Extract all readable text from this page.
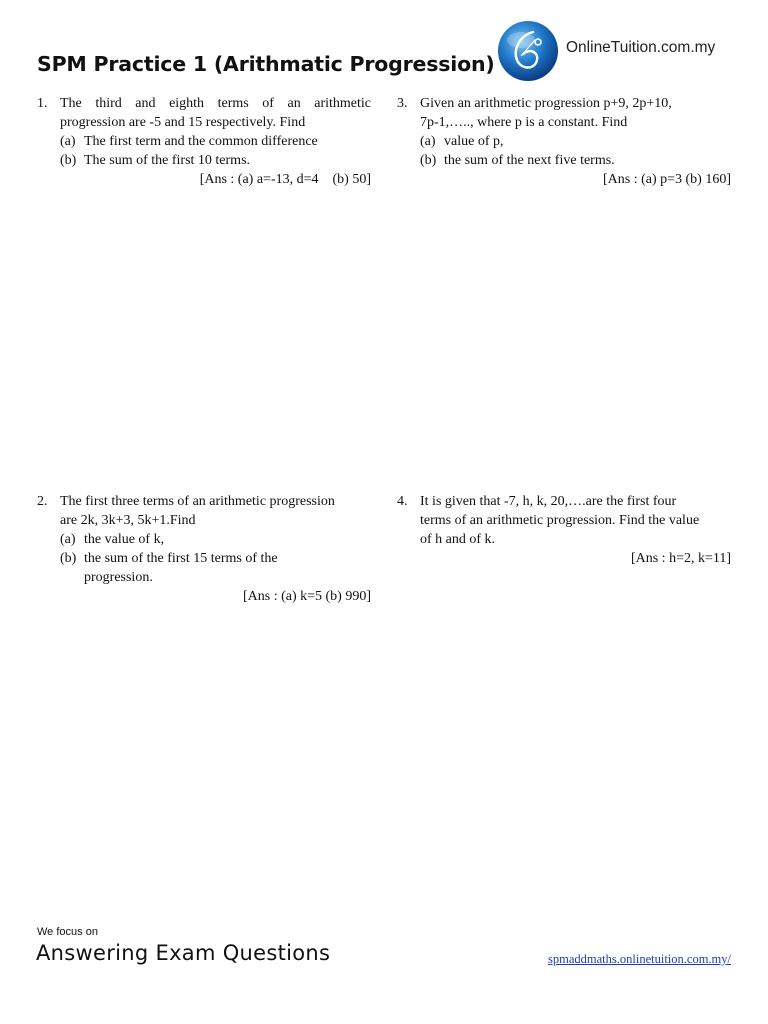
SPM Practice 1 (Arithmatic Progression)
OnlineTuition.com.my
1. The third and eighth terms of an arithmetic
progression are -5 and 15 respectively. Find
(a) The first term and the common difference
(b) The sum of the first 10 terms.
[Ans : (a) a=-13, d=4    (b) 50]
3. Given an arithmetic progression p+9, 2p+10,
7p-1,….., where p is a constant. Find
(a) value of p,
(b) the sum of the next five terms.
[Ans : (a) p=3 (b) 160]
2. The first three terms of an arithmetic progression
are 2k, 3k+3, 5k+1.Find
(a) the value of k,
(b) the sum of the first 15 terms of the
progression.
[Ans : (a) k=5 (b) 990]
4. It is given that -7, h, k, 20,….are the first four
terms of an arithmetic progression. Find the value
of h and of k.
[Ans : h=2, k=11]
We focus on
Answering Exam Questions	spmaddmaths.onlinetuition.com.my/
